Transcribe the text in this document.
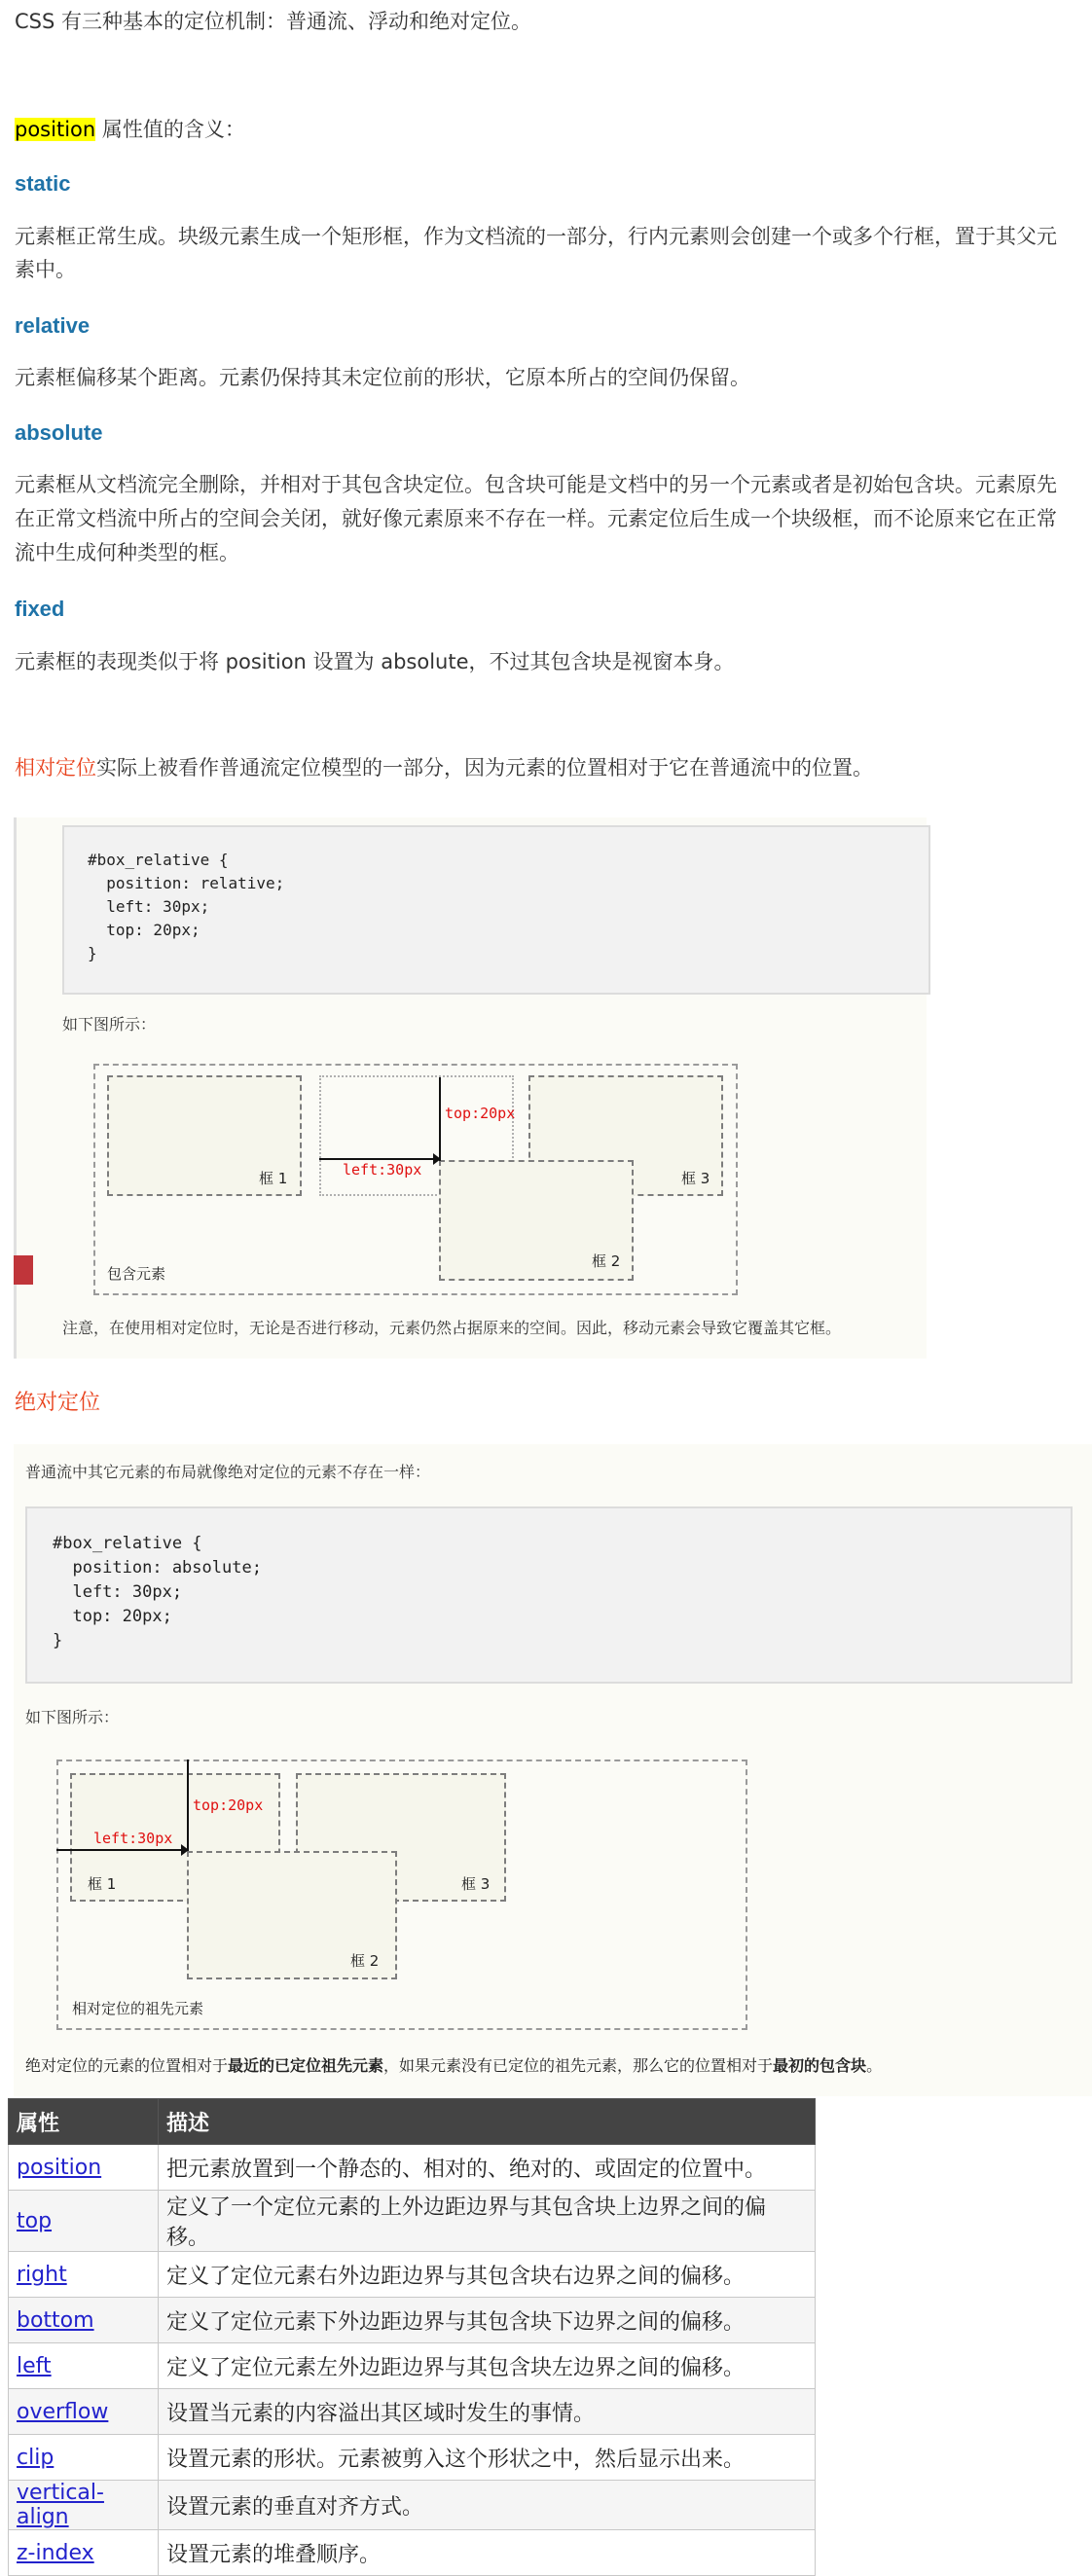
CSS 有三种基本的定位机制：普通流、浮动和绝对定位。
position 属性值的含义：
static
元素框正常生成。块级元素生成一个矩形框，作为文档流的一部分，行内元素则会创建一个或多个行框，置于其父元
素中。
relative
元素框偏移某个距离。元素仍保持其未定位前的形状，它原本所占的空间仍保留。
absolute
元素框从文档流完全删除，并相对于其包含块定位。包含块可能是文档中的另一个元素或者是初始包含块。元素原先
在正常文档流中所占的空间会关闭，就好像元素原来不存在一样。元素定位后生成一个块级框，而不论原来它在正常
流中生成何种类型的框。
fixed
元素框的表现类似于将 position 设置为 absolute，不过其包含块是视窗本身。
相对定位实际上被看作普通流定位模型的一部分，因为元素的位置相对于它在普通流中的位置。
#box_relative {
position: relative;
left: 30px;
top: 20px;
}
如下图所示：
包含元素
框 1	框 3
框 2
top:20px
left:30px
注意，在使用相对定位时，无论是否进行移动，元素仍然占据原来的空间。因此，移动元素会导致它覆盖其它框。
绝对定位
普通流中其它元素的布局就像绝对定位的元素不存在一样：
#box_relative {
position: absolute;
left: 30px;
top: 20px;
}
如下图所示：
相对定位的祖先元素
框 1	框 3
框 2
top:20px
left:30px
绝对定位的元素的位置相对于最近的已定位祖先元素，如果元素没有已定位的祖先元素，那么它的位置相对于最初的包含块。
属性	描述
position	把元素放置到一个静态的、相对的、绝对的、或固定的位置中。
top	定义了一个定位元素的上外边距边界与其包含块上边界之间的偏移。
right	定义了定位元素右外边距边界与其包含块右边界之间的偏移。
bottom	定义了定位元素下外边距边界与其包含块下边界之间的偏移。
left	定义了定位元素左外边距边界与其包含块左边界之间的偏移。
overflow	设置当元素的内容溢出其区域时发生的事情。
clip	设置元素的形状。元素被剪入这个形状之中，然后显示出来。
vertical-align	设置元素的垂直对齐方式。
z-index	设置元素的堆叠顺序。
